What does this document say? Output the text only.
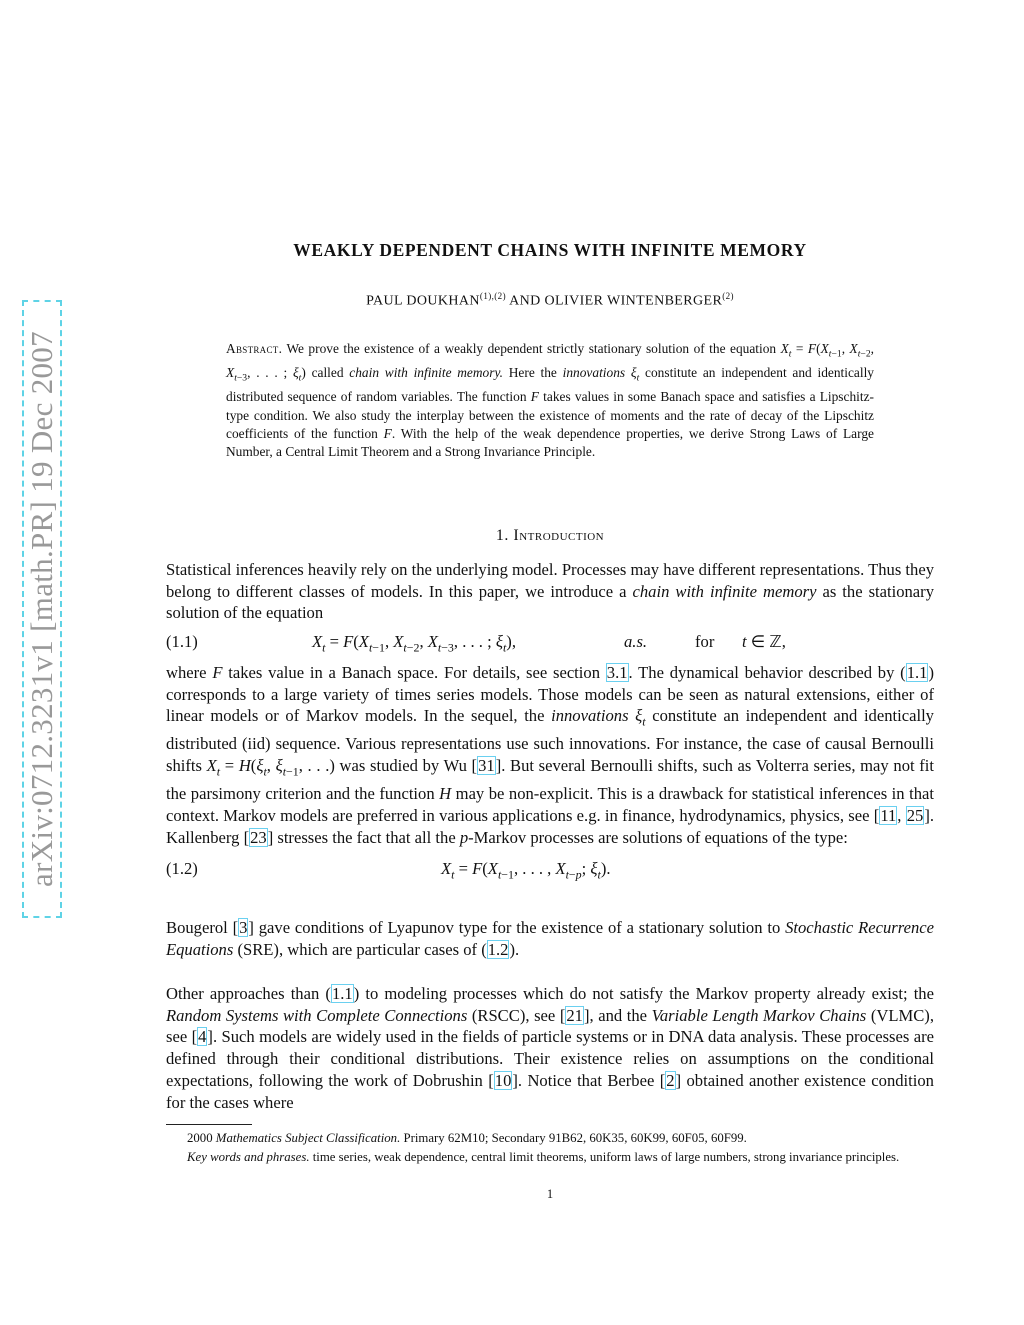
arXiv:0712.3231v1 [math.PR] 19 Dec 2007
WEAKLY DEPENDENT CHAINS WITH INFINITE MEMORY
PAUL $DOUKHAN^{(1),(2)}$ AND OLIVIER WINTENBERGER$^{(2)}$
Abstract. We prove the existence of a weakly dependent strictly stationary solution of the equation $X_t = F(X_{t-1}$, $X_{t-2}$, $X_{t-3}$, . . . ; $\xi_t$) called chain with infinite memory. Here the innovations $\xi_t$ constitute an independent and identically distributed sequence of random variables. The function F takes values in some Banach space and satisfies a Lipschitz-type condition. We also study the interplay between the existence of moments and the rate of decay of the Lipschitz coefficients of the function F. With the help of the weak dependence properties, we derive Strong Laws of Large Number, a Central Limit Theorem and a Strong Invariance Principle.
1. Introduction

Statistical inferences heavily rely on the underlying model. Processes may have different representations. Thus they belong to different classes of models. In this paper, we introduce a chain with infinite memory as the stationary solution of the equation

(1.1)	$X_t = F(X_{t-1}$, $X_{t-2}$, $X_{t-3}$, . . . ; $\xi_t$),	a.s.	for t ∈ ℤ,

where F takes value in a Banach space. For details, see section 3.1. The dynamical behavior described by (1.1) corresponds to a large variety of times series models. Those models can be seen as natural extensions, either of linear models or of Markov models. In the sequel, the innovations $\xi_t$ constitute an independent and identically distributed (iid) sequence. Various representations use such innovations. For instance, the case of causal Bernoulli shifts $X_t = H(\xi_t$, $\xi_{t-1}$, . . .) was studied by Wu [31]. But several Bernoulli shifts, such as Volterra series, may not fit the parsimony criterion and the function H may be non-explicit. This is a drawback for statistical inferences in that context. Markov models are preferred in various applications e.g. in finance, hydrodynamics, physics, see [11, 25]. Kallenberg [23] stresses the fact that all the p-Markov processes are solutions of equations of the type:

(1.2)	$X_t = F(X_{t-1}$, . . . , $X_{t-p}$; $\xi_t$).

Bougerol [3] gave conditions of Lyapunov type for the existence of a stationary solution to Stochastic Recurrence Equations (SRE), which are particular cases of (1.2).

Other approaches than (1.1) to modeling processes which do not satisfy the Markov property already exist; the Random Systems with Complete Connections (RSCC), see [21], and the Variable Length Markov Chains (VLMC), see [4]. Such models are widely used in the fields of particle systems or in DNA data analysis. These processes are defined through their conditional distributions. Their existence relies on assumptions on the conditional expectations, following the work of Dobrushin [10]. Notice that Berbee [2] obtained another existence condition for the cases where

2000 Mathematics Subject Classification. Primary 62M10; Secondary 91B62, 60K35, 60K99, 60F05, 60F99.

Key words and phrases. time series, weak dependence, central limit theorems, uniform laws of large numbers, strong invariance principles.

1
